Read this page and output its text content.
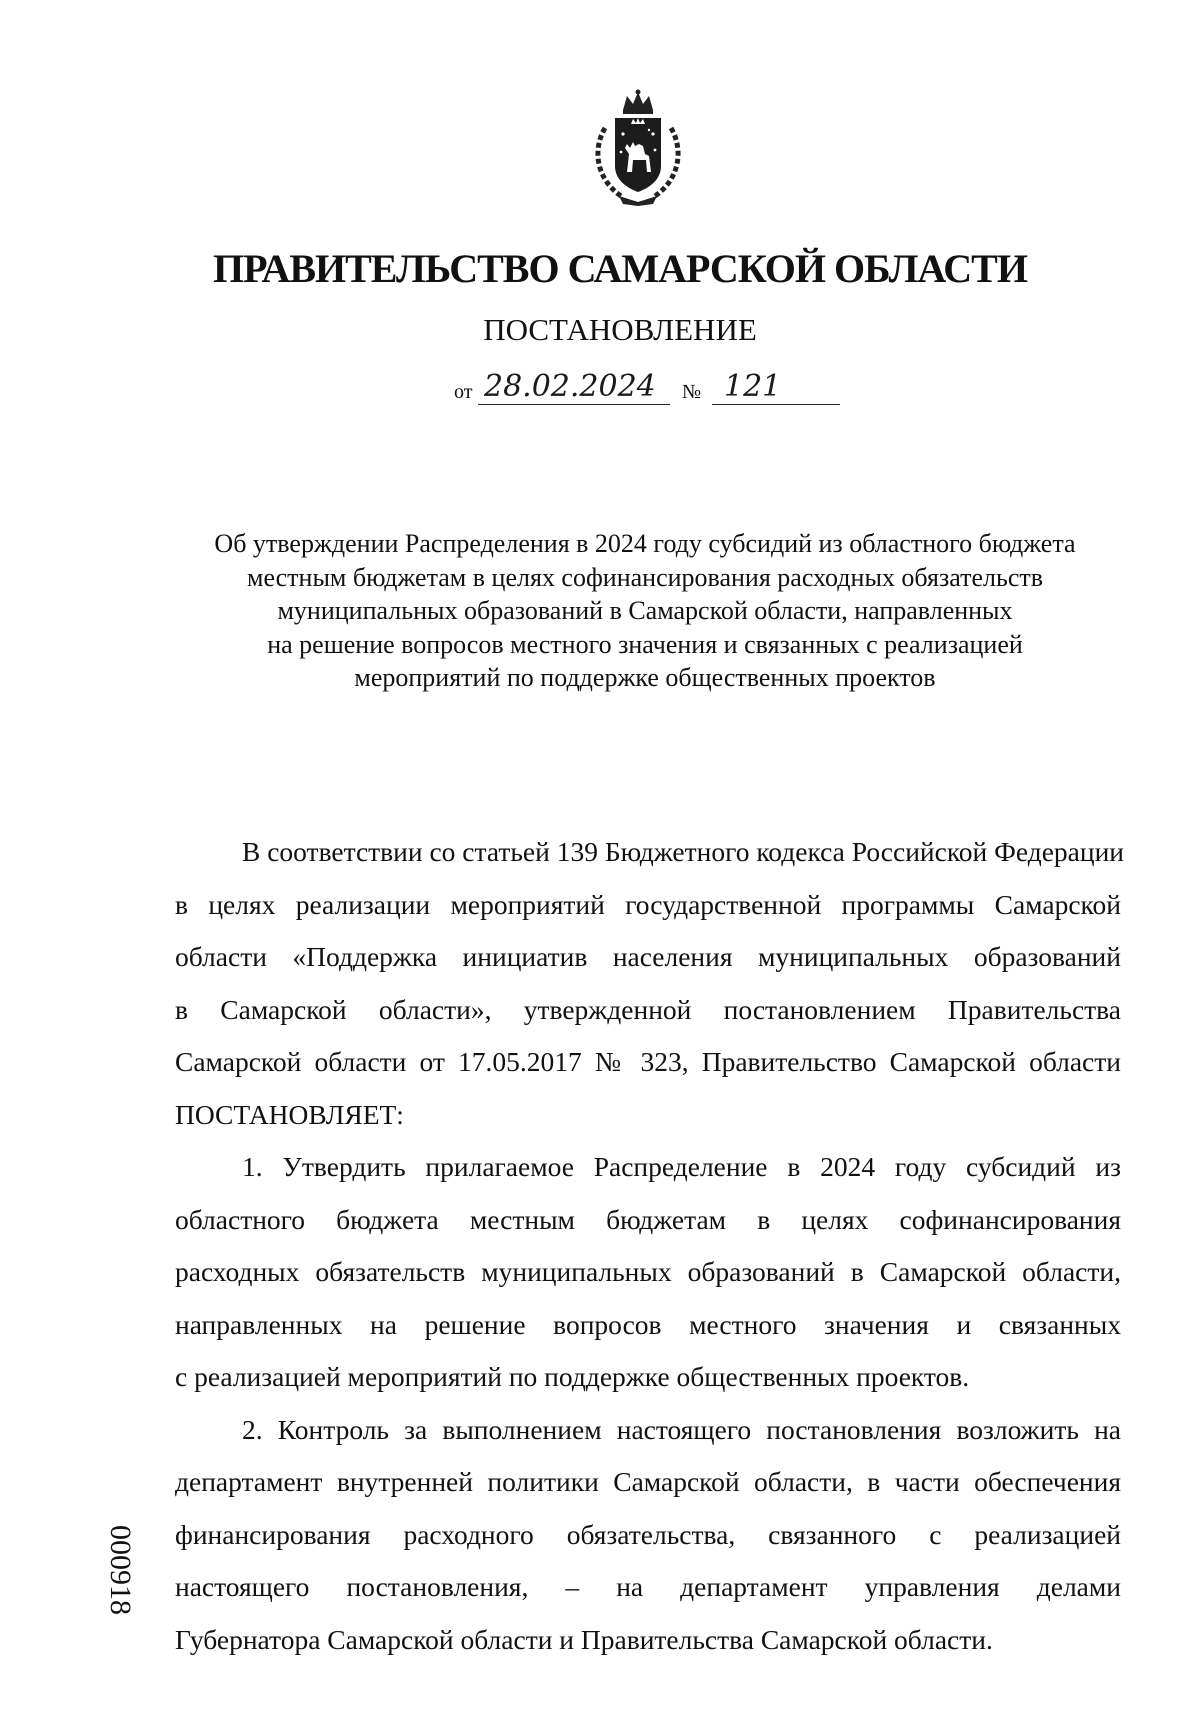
ПРАВИТЕЛЬСТВО САМАРСКОЙ ОБЛАСТИ
ПОСТАНОВЛЕНИЕ
от 28.02.2024 № 121
Об утверждении Распределения в 2024 году субсидий из областного бюджета
местным бюджетам в целях софинансирования расходных обязательств
муниципальных образований в Самарской области, направленных
на решение вопросов местного значения и связанных с реализацией
мероприятий по поддержке общественных проектов
В соответствии со статьей 139 Бюджетного кодекса Российской Федерации
в целях реализации мероприятий государственной программы Самарской
области «Поддержка инициатив населения муниципальных образований
в Самарской области», утвержденной постановлением Правительства
Самарской области от 17.05.2017 № 323, Правительство Самарской области
ПОСТАНОВЛЯЕТ:
1. Утвердить прилагаемое Распределение в 2024 году субсидий из
областного бюджета местным бюджетам в целях софинансирования
расходных обязательств муниципальных образований в Самарской области,
направленных на решение вопросов местного значения и связанных
с реализацией мероприятий по поддержке общественных проектов.
2. Контроль за выполнением настоящего постановления возложить на
департамент внутренней политики Самарской области, в части обеспечения
финансирования расходного обязательства, связанного с реализацией
настоящего постановления, – на департамент управления делами
Губернатора Самарской области и Правительства Самарской области.
000918
